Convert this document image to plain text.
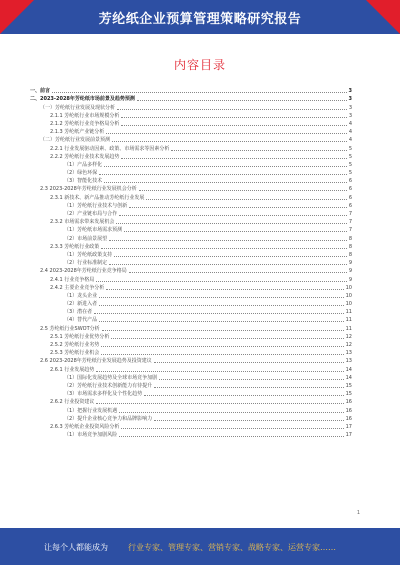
芳纶纸企业预算管理策略研究报告
内容目录
一、前言	3
二、2023-2028年芳纶纸市场前景及趋势预测	3
（一）芳纶纸行业发展及现状分析	3
2.1.1 芳纶纸行业市场规模分析	3
2.1.2 芳纶纸行业竞争格局分析	4
2.1.3 芳纶纸产业链分析	4
（二）芳纶纸行业发展前景预测	4
2.2.1 行业发展驱动因素、政策、市场需求等因素分析	5
2.2.2 芳纶纸行业技术发展趋势	5
（1）产品多样化	5
（2）绿色环保	5
（3）智能化技术	6
2.3 2023-2028年芳纶纸行业发展机会分析	6
2.3.1 新技术、新产品推动芳纶纸行业发展	6
（1）芳纶纸行业技术与创新	6
（2）产业链布局与合作	7
2.3.2 市场需求带来发展机会	7
（1）芳纶纸市场需求预测	7
（2）市场前景展望	8
2.3.3 芳纶纸行业政策	8
（1）芳纶纸政策支持	8
（2）行业标准制定	9
2.4 2023-2028年芳纶纸行业竞争格局	9
2.4.1 行业竞争格局	9
2.4.2 主要企业竞争分析	10
（1）龙头企业	10
（2）新进入者	10
（3）潜在者	11
（4）替代产品	11
2.5 芳纶纸行业SWOT分析	11
2.5.1 芳纶纸行业优势分析	12
2.5.2 芳纶纸行业劣势	12
2.5.3 芳纶纸行业机会	13
2.6 2023-2028年芳纶纸行业发展趋势及投资建议	13
2.6.1 行业发展趋势	14
（1）国际化发展趋势及全球市场竞争加剧	14
（2）芳纶纸行业技术创新能力有待提升	15
（3）市场需求多样化及个性化趋势	15
2.6.2 行业投资建议	16
（1）把握行业发展机遇	16
（2）提升企业核心竞争力和品牌影响力	16
2.6.3 芳纶纸企业投资风险分析	17
（1）市场竞争加剧风险	17
1
让每个人都能成为	行业专家、管理专家、营销专家、战略专家、运营专家……
